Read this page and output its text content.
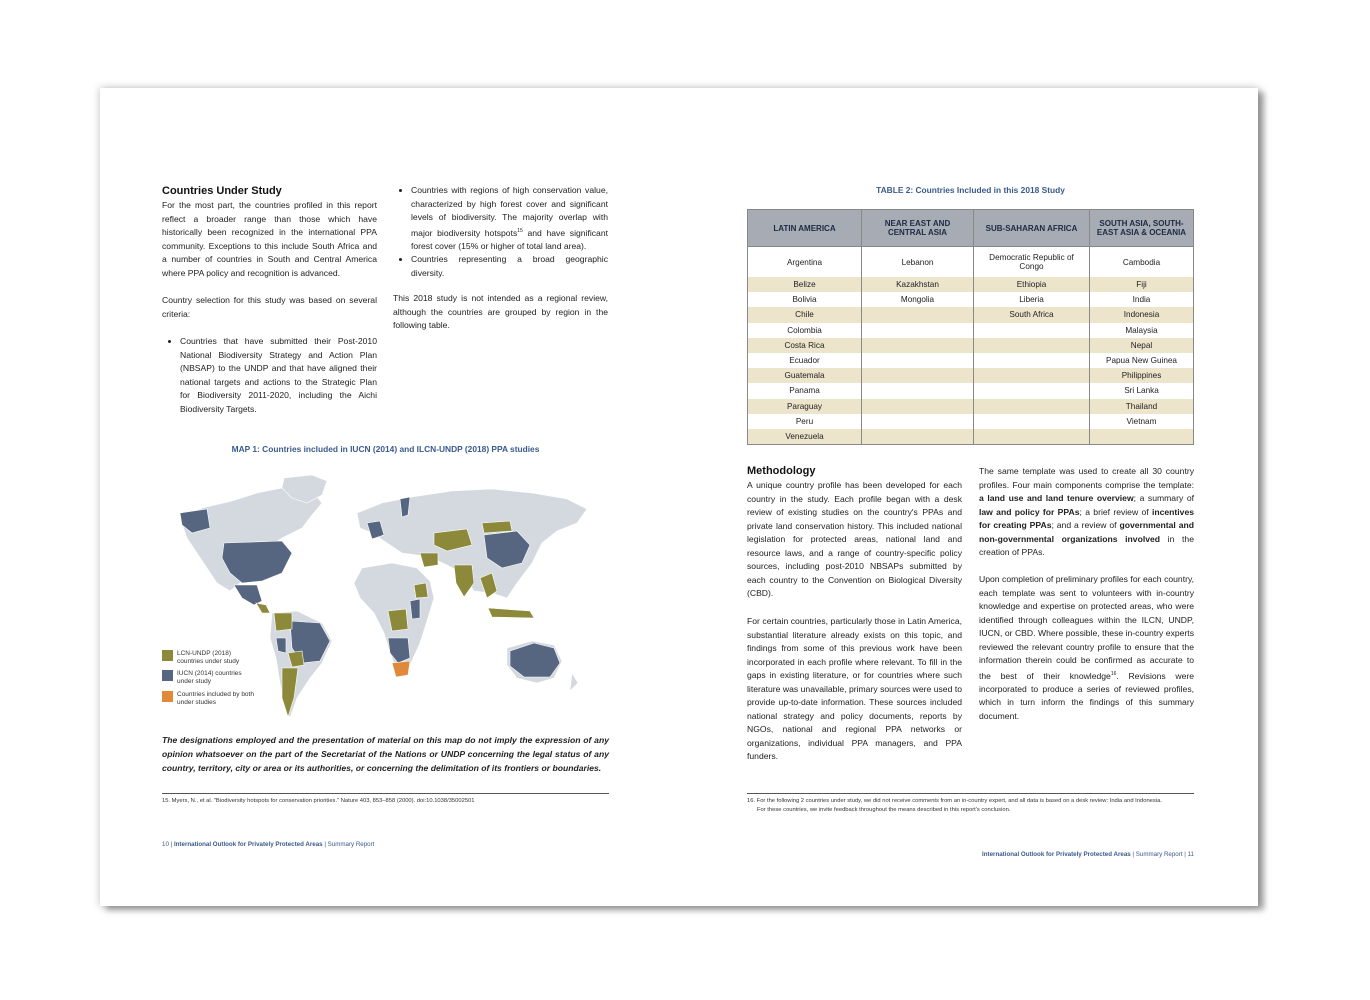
Countries Under Study

For the most part, the countries profiled in this report reflect a broader range than those which have historically been recognized in the international PPA community. Exceptions to this include South Africa and a number of countries in South and Central America where PPA policy and recognition is advanced.

Country selection for this study was based on several criteria:

• Countries that have submitted their Post-2010 National Biodiversity Strategy and Action Plan (NBSAP) to the UNDP and that have aligned their national targets and actions to the Strategic Plan for Biodiversity 2011-2020, including the Aichi Biodiversity Targets.
• Countries with regions of high conservation value, characterized by high forest cover and significant levels of biodiversity. The majority overlap with major biodiversity hotspots$^{15}$ and have significant forest cover (15% or higher of total land area).
• Countries representing a broad geographic diversity.

This 2018 study is not intended as a regional review, although the countries are grouped by region in the following table.

MAP 1: Countries included in IUCN (2014) and ILCN-UNDP (2018) PPA studies
LCN-UNDP (2018) countries under study
IUCN (2014) countries under study
Countries included by both under studies

The designations employed and the presentation of material on this map do not imply the expression of any opinion whatsoever on the part of the Secretariat of the Nations or UNDP concerning the legal status of any country, territory, city or area or its authorities, or concerning the delimitation of its frontiers or boundaries.

15. Myers, N., et al. "Biodiversity hotspots for conservation priorities." Nature 403, 853–858 (2000). doi:10.1038/35002501
10 | International Outlook for Privately Protected Areas | Summary Report
TABLE 2: Countries Included in this 2018 Study
LATIN AMERICA	NEAR EAST AND CENTRAL ASIA	SUB-SAHARAN AFRICA	SOUTH ASIA, SOUTH-EAST ASIA & OCEANIA
Argentina	Lebanon	Democratic Republic of Congo	Cambodia
Belize	Kazakhstan	Ethiopia	Fiji
Bolivia	Mongolia	Liberia	India
Chile		South Africa	Indonesia
Colombia			Malaysia
Costa Rica			Nepal
Ecuador			Papua New Guinea
Guatemala			Philippines
Panama			Sri Lanka
Paraguay			Thailand
Peru			Vietnam
Venezuela			
Methodology

A unique country profile has been developed for each country in the study. Each profile began with a desk review of existing studies on the country's PPAs and private land conservation history. This included national legislation for protected areas, national land and resource laws, and a range of country-specific policy sources, including post-2010 NBSAPs submitted by each country to the Convention on Biological Diversity (CBD).

For certain countries, particularly those in Latin America, substantial literature already exists on this topic, and findings from some of this previous work have been incorporated in each profile where relevant. To fill in the gaps in existing literature, or for countries where such literature was unavailable, primary sources were used to provide up-to-date information. These sources included national strategy and policy documents, reports by NGOs, national and regional PPA networks or organizations, individual PPA managers, and PPA funders.

The same template was used to create all 30 country profiles. Four main components comprise the template: a land use and land tenure overview; a summary of law and policy for PPAs; a brief review of incentives for creating PPAs; and a review of governmental and non-governmental organizations involved in the creation of PPAs.

Upon completion of preliminary profiles for each country, each template was sent to volunteers with in-country knowledge and expertise on protected areas, who were identified through colleagues within the ILCN, UNDP, IUCN, or CBD. Where possible, these in-country experts reviewed the relevant country profile to ensure that the information therein could be confirmed as accurate to the best of their knowledge$^{16}$. Revisions were incorporated to produce a series of reviewed profiles, which in turn inform the findings of this summary document.

16. For the following 2 countries under study, we did not receive comments from an in-country expert, and all data is based on a desk review: India and Indonesia.
For these countries, we invite feedback throughout the means described in this report's conclusion.
International Outlook for Privately Protected Areas | Summary Report | 11
